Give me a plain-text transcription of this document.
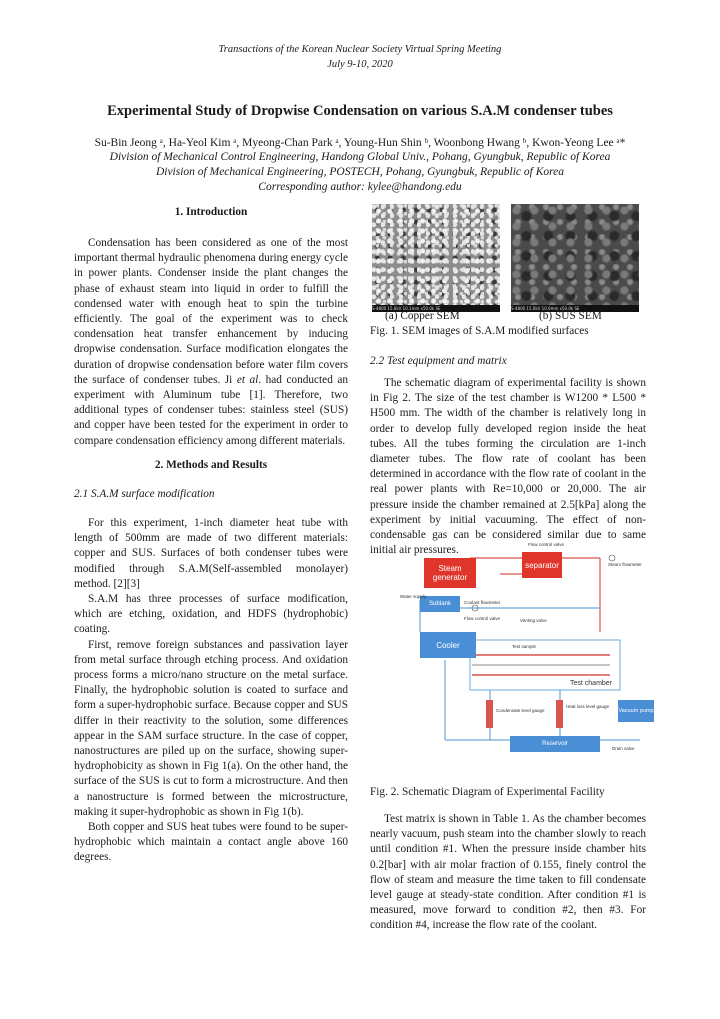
Transactions of the Korean Nuclear Society Virtual Spring Meeting
July 9-10, 2020
Experimental Study of Dropwise Condensation on various S.A.M condenser tubes
Su-Bin Jeong ᵃ, Ha-Yeol Kim ᵃ, Myeong-Chan Park ᵃ, Young-Hun Shin ᵇ, Woonbong Hwang ᵇ, Kwon-Yeong Lee ᵃ*
Division of Mechanical Control Engineering, Handong Global Univ., Pohang, Gyungbuk, Republic of Korea
Division of Mechanical Engineering, POSTECH, Pohang, Gyungbuk, Republic of Korea
Corresponding author: kylee@handong.edu
1. Introduction

Condensation has been considered as one of the most important thermal hydraulic phenomena during energy cycle in power plants. Condenser inside the plant changes the phase of exhaust steam into liquid in order to fulfill the condensed water with enough heat to spin the turbine efficiently. The goal of the experiment was to check condensation heat transfer enhancement by inducing dropwise condensation. Surface modification elongates the duration of dropwise condensation before water film covers the surface of condenser tubes. Ji et al. had conducted an experiment with Aluminum tube [1]. Therefore, two additional types of condenser tubes: stainless steel (SUS) and copper have been tested for the experiment in order to compare condensation efficiency among different materials.

2. Methods and Results
2.1 S.A.M surface modification

For this experiment, 1-inch diameter heat tube with length of 500mm are made of two different materials: copper and SUS. Surfaces of both condenser tubes were modified through S.A.M(Self-assembled monolayer) method. [2][3]

S.A.M has three processes of surface modification, which are etching, oxidation, and HDFS (hydrophobic) coating.

First, remove foreign substances and passivation layer from metal surface through etching process. And oxidation process forms a micro/nano structure on the metal surface. Finally, the hydrophobic solution is coated to surface and form a super-hydrophobic surface. Because copper and SUS differ in their reactivity to the solution, some differences appear in the SAM surface structure. In the case of copper, nanostructures are piled up on the surface, showing super-hydrophobicity as shown in Fig 1(a). On the other hand, the surface of the SUS is cut to form a microstructure. And then a nanostructure is formed between the microstructure, making it super-hydrophobic as shown in Fig 1(b).

Both copper and SUS heat tubes were found to be super-hydrophobic which maintain a contact angle above 160 degrees.

S-4800 15.0kV 10.1mm x50.0k SE	S-4800 15.0kV 10.0mm x50.0k SE
(a) Copper SEM	(b) SUS SEM
Fig. 1. SEM images of S.A.M modified surfaces
2.2 Test equipment and matrix

The schematic diagram of experimental facility is shown in Fig 2. The size of the test chamber is W1200 * L500 * H500 mm. The width of the chamber is relatively long in order to develop fully developed region inside the heat tubes. All the tubes forming the circulation are 1-inch diameter tubes. The flow rate of coolant has been determined in accordance with the flow rate of coolant in the real power plants with Re=10,000 or 20,000. The air pressure inside the chamber remained at 2.5[kPa] along the experiment by initial vacuuming. The effect of non-condensable gas can be considered similar due to same initial air pressures.

Steam generator
separator
Subtank
Cooler
Vacuum pump
Reservoir
Flow control valve
Steam flowmeter
Water supply
Coolant flowmeter
Flow control valve	Venting valve
Test sample
Test chamber
Condensate level gauge
Heat loss level gauge
Drain valve
Fig. 2. Schematic Diagram of Experimental Facility

Test matrix is shown in Table 1. As the chamber becomes nearly vacuum, push steam into the chamber slowly to reach until condition #1. When the pressure inside chamber hits 0.2[bar] with air molar fraction of 0.155, finely control the flow of steam and measure the time taken to fill condensate level gauge at steady-state condition. After condition #1 is measured, move forward to condition #2, then #3. For condition #4, increase the flow rate of the coolant.
